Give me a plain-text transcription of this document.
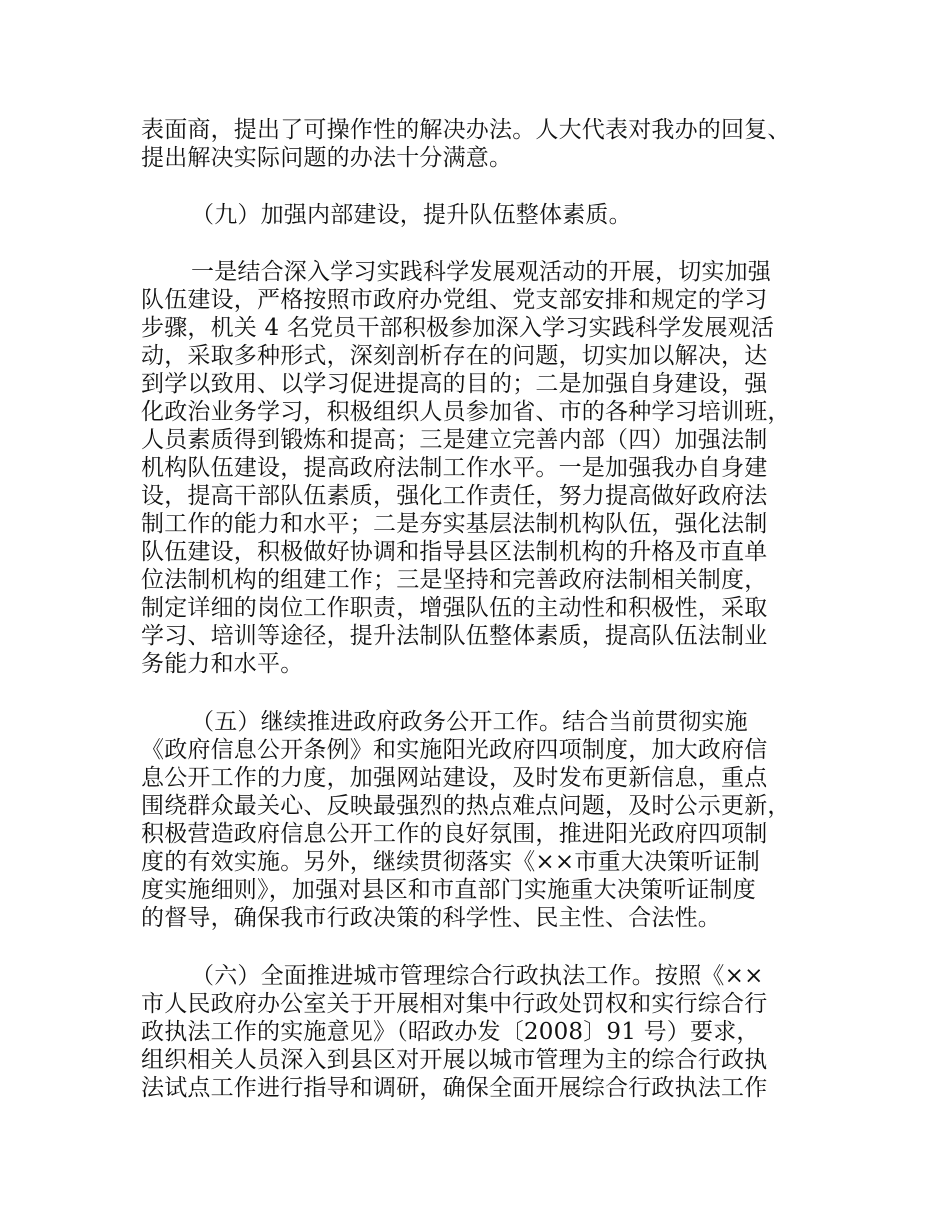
表面商，提出了可操作性的解决办法。人大代表对我办的回复、
提出解决实际问题的办法十分满意。
（九）加强内部建设，提升队伍整体素质。
一是结合深入学习实践科学发展观活动的开展，切实加强
队伍建设，严格按照市政府办党组、党支部安排和规定的学习
步骤，机关 4 名党员干部积极参加深入学习实践科学发展观活
动，采取多种形式，深刻剖析存在的问题，切实加以解决，达
到学以致用、以学习促进提高的目的；二是加强自身建设，强
化政治业务学习，积极组织人员参加省、市的各种学习培训班，
人员素质得到锻炼和提高；三是建立完善内部（四）加强法制
机构队伍建设，提高政府法制工作水平。一是加强我办自身建
设，提高干部队伍素质，强化工作责任，努力提高做好政府法
制工作的能力和水平；二是夯实基层法制机构队伍，强化法制
队伍建设，积极做好协调和指导县区法制机构的升格及市直单
位法制机构的组建工作；三是坚持和完善政府法制相关制度，
制定详细的岗位工作职责，增强队伍的主动性和积极性，采取
学习、培训等途径，提升法制队伍整体素质，提高队伍法制业
务能力和水平。
（五）继续推进政府政务公开工作。结合当前贯彻实施
《政府信息公开条例》和实施阳光政府四项制度，加大政府信
息公开工作的力度，加强网站建设，及时发布更新信息，重点
围绕群众最关心、反映最强烈的热点难点问题，及时公示更新，
积极营造政府信息公开工作的良好氛围，推进阳光政府四项制
度的有效实施。另外，继续贯彻落实《××市重大决策听证制
度实施细则》，加强对县区和市直部门实施重大决策听证制度
的督导，确保我市行政决策的科学性、民主性、合法性。
（六）全面推进城市管理综合行政执法工作。按照《××
市人民政府办公室关于开展相对集中行政处罚权和实行综合行
政执法工作的实施意见》（昭政办发〔2008〕91 号）要求，
组织相关人员深入到县区对开展以城市管理为主的综合行政执
法试点工作进行指导和调研，确保全面开展综合行政执法工作
